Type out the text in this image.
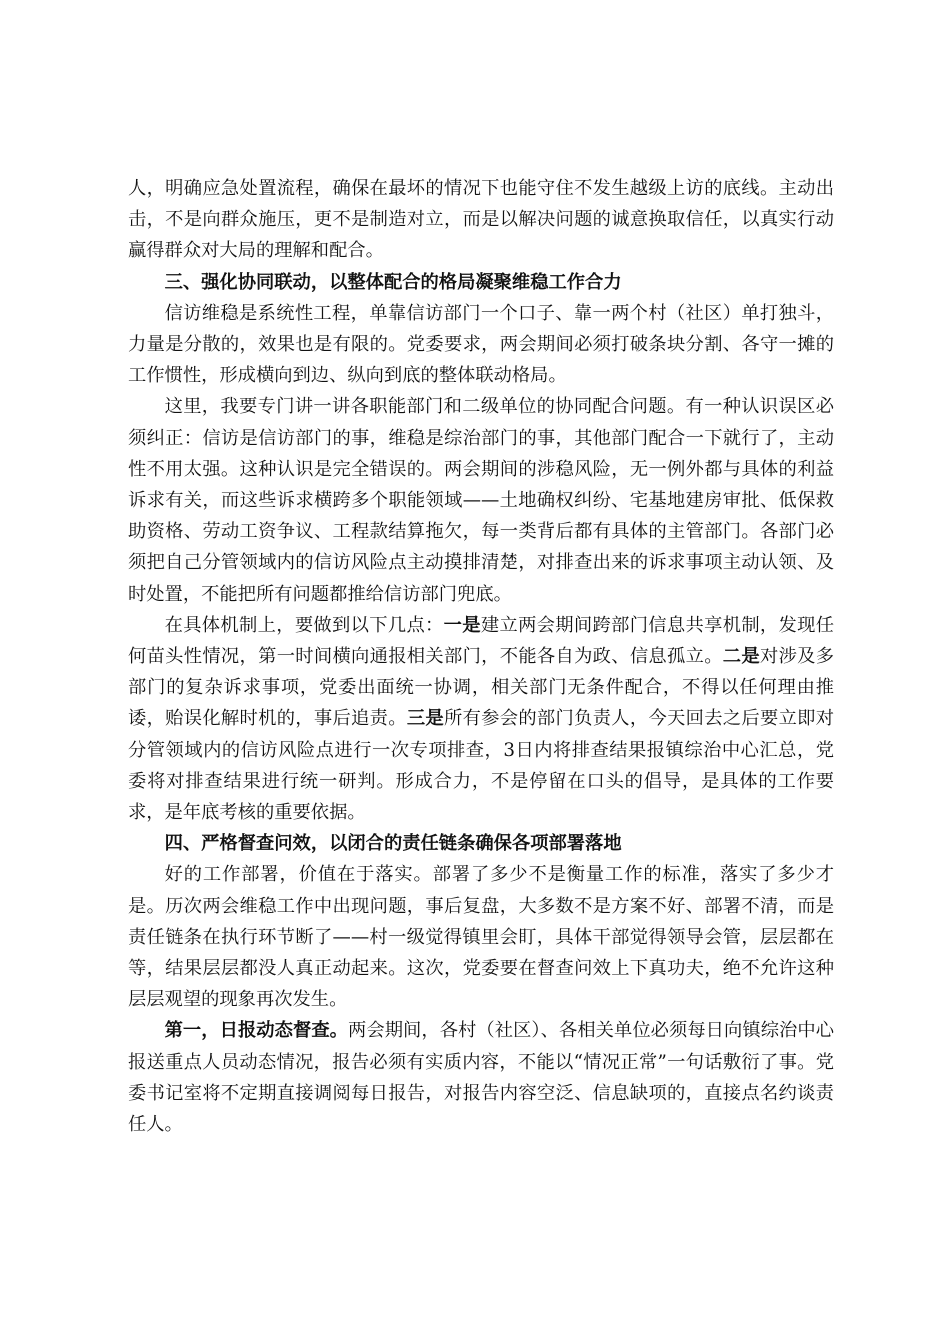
人，明确应急处置流程，确保在最坏的情况下也能守住不发生越级上访的底线。主动出击，不是向群众施压，更不是制造对立，而是以解决问题的诚意换取信任，以真实行动赢得群众对大局的理解和配合。

三、强化协同联动，以整体配合的格局凝聚维稳工作合力

信访维稳是系统性工程，单靠信访部门一个口子、靠一两个村（社区）单打独斗，力量是分散的，效果也是有限的。党委要求，两会期间必须打破条块分割、各守一摊的工作惯性，形成横向到边、纵向到底的整体联动格局。

这里，我要专门讲一讲各职能部门和二级单位的协同配合问题。有一种认识误区必须纠正：信访是信访部门的事，维稳是综治部门的事，其他部门配合一下就行了，主动性不用太强。这种认识是完全错误的。两会期间的涉稳风险，无一例外都与具体的利益诉求有关，而这些诉求横跨多个职能领域——土地确权纠纷、宅基地建房审批、低保救助资格、劳动工资争议、工程款结算拖欠，每一类背后都有具体的主管部门。各部门必须把自己分管领域内的信访风险点主动摸排清楚，对排查出来的诉求事项主动认领、及时处置，不能把所有问题都推给信访部门兜底。

在具体机制上，要做到以下几点：一是建立两会期间跨部门信息共享机制，发现任何苗头性情况，第一时间横向通报相关部门，不能各自为政、信息孤立。二是对涉及多部门的复杂诉求事项，党委出面统一协调，相关部门无条件配合，不得以任何理由推诿，贻误化解时机的，事后追责。三是所有参会的部门负责人，今天回去之后要立即对分管领域内的信访风险点进行一次专项排查，3日内将排查结果报镇综治中心汇总，党委将对排查结果进行统一研判。形成合力，不是停留在口头的倡导，是具体的工作要求，是年底考核的重要依据。

四、严格督查问效，以闭合的责任链条确保各项部署落地

好的工作部署，价值在于落实。部署了多少不是衡量工作的标准，落实了多少才是。历次两会维稳工作中出现问题，事后复盘，大多数不是方案不好、部署不清，而是责任链条在执行环节断了——村一级觉得镇里会盯，具体干部觉得领导会管，层层都在等，结果层层都没人真正动起来。这次，党委要在督查问效上下真功夫，绝不允许这种层层观望的现象再次发生。

第一，日报动态督查。两会期间，各村（社区）、各相关单位必须每日向镇综治中心报送重点人员动态情况，报告必须有实质内容，不能以“情况正常”一句话敷衍了事。党委书记室将不定期直接调阅每日报告，对报告内容空泛、信息缺项的，直接点名约谈责任人。
